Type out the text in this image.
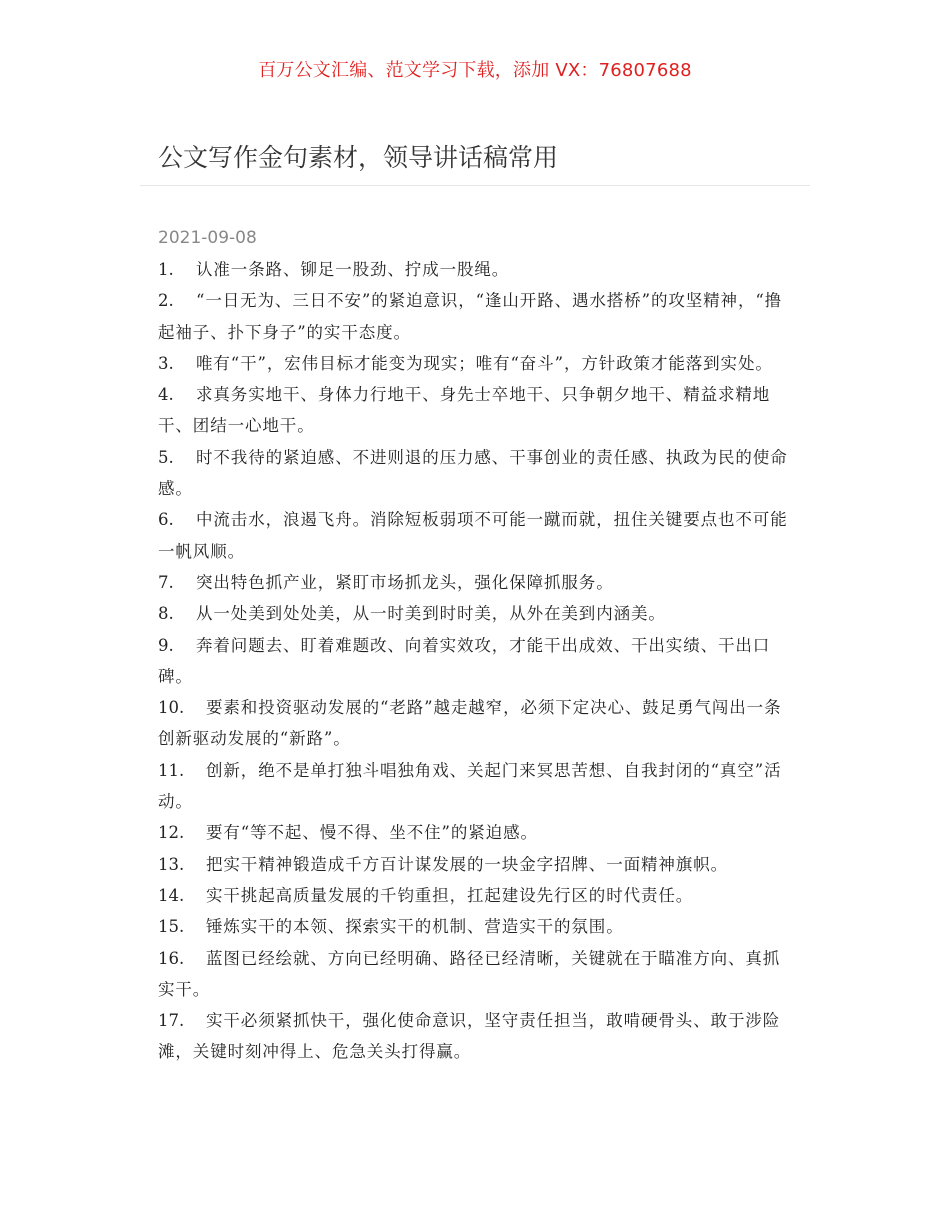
百万公文汇编、范文学习下载，添加 VX：76807688
公文写作金句素材，领导讲话稿常用
2021-09-08
1. 认准一条路、铆足一股劲、拧成一股绳。
2. “一日无为、三日不安”的紧迫意识，“逢山开路、遇水搭桥”的攻坚精神，“撸起袖子、扑下身子”的实干态度。
3. 唯有“干”，宏伟目标才能变为现实；唯有“奋斗”，方针政策才能落到实处。
4. 求真务实地干、身体力行地干、身先士卒地干、只争朝夕地干、精益求精地干、团结一心地干。
5. 时不我待的紧迫感、不进则退的压力感、干事创业的责任感、执政为民的使命感。
6. 中流击水，浪遏飞舟。消除短板弱项不可能一蹴而就，扭住关键要点也不可能一帆风顺。
7. 突出特色抓产业，紧盯市场抓龙头，强化保障抓服务。
8. 从一处美到处处美，从一时美到时时美，从外在美到内涵美。
9. 奔着问题去、盯着难题改、向着实效攻，才能干出成效、干出实绩、干出口碑。
10. 要素和投资驱动发展的“老路”越走越窄，必须下定决心、鼓足勇气闯出一条创新驱动发展的“新路”。
11. 创新，绝不是单打独斗唱独角戏、关起门来冥思苦想、自我封闭的“真空”活动。
12. 要有“等不起、慢不得、坐不住”的紧迫感。
13. 把实干精神锻造成千方百计谋发展的一块金字招牌、一面精神旗帜。
14. 实干挑起高质量发展的千钧重担，扛起建设先行区的时代责任。
15. 锤炼实干的本领、探索实干的机制、营造实干的氛围。
16. 蓝图已经绘就、方向已经明确、路径已经清晰，关键就在于瞄准方向、真抓实干。
17. 实干必须紧抓快干，强化使命意识，坚守责任担当，敢啃硬骨头、敢于涉险滩，关键时刻冲得上、危急关头打得赢。
